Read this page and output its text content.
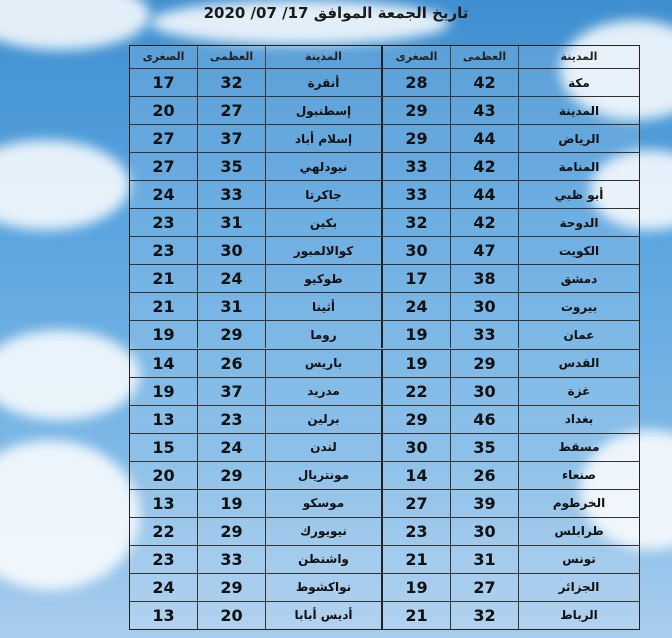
تاريخ الجمعة الموافق 17/ 07/ 2020
الصغرى	العظمى	المدينة	الصغرى	العظمى	المدينة
17	32	أنقرة	28	42	مكة
20	27	إسطنبول	29	43	المدينة
27	37	إسلام أباد	29	44	الرياض
27	35	نيودلهي	33	42	المنامة
24	33	جاكرتا	33	44	أبو ظبي
23	31	بكين	32	42	الدوحة
23	30	كوالالمبور	30	47	الكويت
21	24	طوكيو	17	38	دمشق
21	31	أثينا	24	30	بيروت
19	29	روما	19	33	عمان
14	26	باريس	19	29	القدس
19	37	مدريد	22	30	غزة
13	23	برلين	29	46	بغداد
15	24	لندن	30	35	مسقط
20	29	مونتريال	14	26	صنعاء
13	19	موسكو	27	39	الخرطوم
22	29	نيويورك	23	30	طرابلس
23	33	واشنطن	21	31	تونس
24	29	نواكشوط	19	27	الجزائر
13	20	أديس أبابا	21	32	الرباط
